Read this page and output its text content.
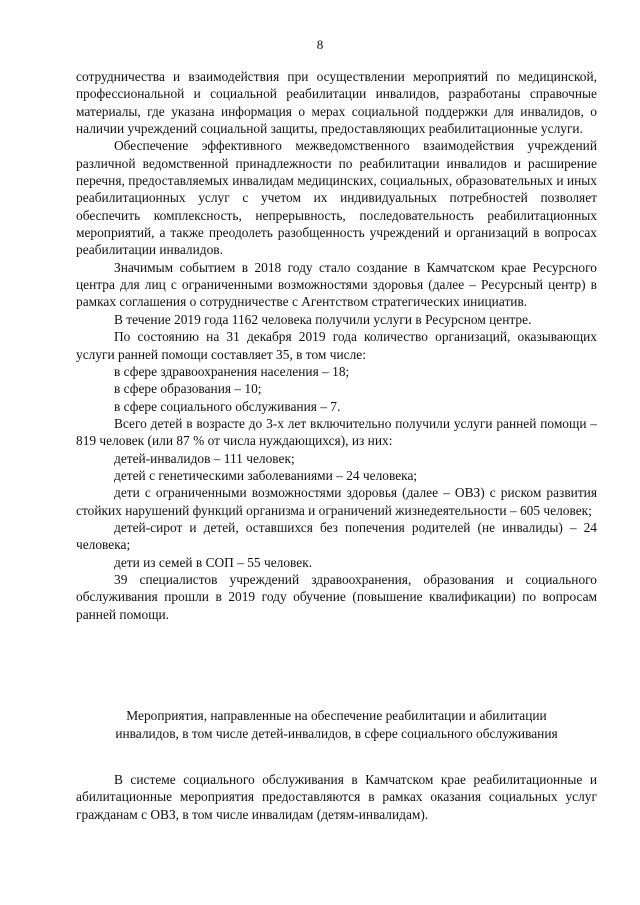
8

сотрудничества и взаимодействия при осуществлении мероприятий по медицинской, профессиональной и социальной реабилитации инвалидов, разработаны справочные материалы, где указана информация о мерах социальной поддержки для инвалидов, о наличии учреждений социальной защиты, предоставляющих реабилитационные услуги.

Обеспечение эффективного межведомственного взаимодействия учреждений различной ведомственной принадлежности по реабилитации инвалидов и расширение перечня, предоставляемых инвалидам медицинских, социальных, образовательных и иных реабилитационных услуг с учетом их индивидуальных потребностей позволяет обеспечить комплексность, непрерывность, последовательность реабилитационных мероприятий, а также преодолеть разобщенность учреждений и организаций в вопросах реабилитации инвалидов.

Значимым событием в 2018 году стало создание в Камчатском крае Ресурсного центра для лиц с ограниченными возможностями здоровья (далее – Ресурсный центр) в рамках соглашения о сотрудничестве с Агентством стратегических инициатив.

В течение 2019 года 1162 человека получили услуги в Ресурсном центре.

По состоянию на 31 декабря 2019 года количество организаций, оказывающих услуги ранней помощи составляет 35, в том числе:

в сфере здравоохранения населения – 18;

в сфере образования – 10;

в сфере социального обслуживания – 7.

Всего детей в возрасте до 3-х лет включительно получили услуги ранней помощи – 819 человек (или 87 % от числа нуждающихся), из них:

детей-инвалидов – 111 человек;

детей с генетическими заболеваниями – 24 человека;

дети с ограниченными возможностями здоровья (далее – ОВЗ) с риском развития стойких нарушений функций организма и ограничений жизнедеятельности – 605 человек;

детей-сирот и детей, оставшихся без попечения родителей (не инвалиды) – 24 человека;

дети из семей в СОП – 55 человек.

39 специалистов учреждений здравоохранения, образования и социального обслуживания прошли в 2019 году обучение (повышение квалификации) по вопросам ранней помощи.

Мероприятия, направленные на обеспечение реабилитации и абилитации
инвалидов, в том числе детей-инвалидов, в сфере социального обслуживания

В системе социального обслуживания в Камчатском крае реабилитационные и абилитационные мероприятия предоставляются в рамках оказания социальных услуг гражданам с ОВЗ, в том числе инвалидам (детям-инвалидам).
